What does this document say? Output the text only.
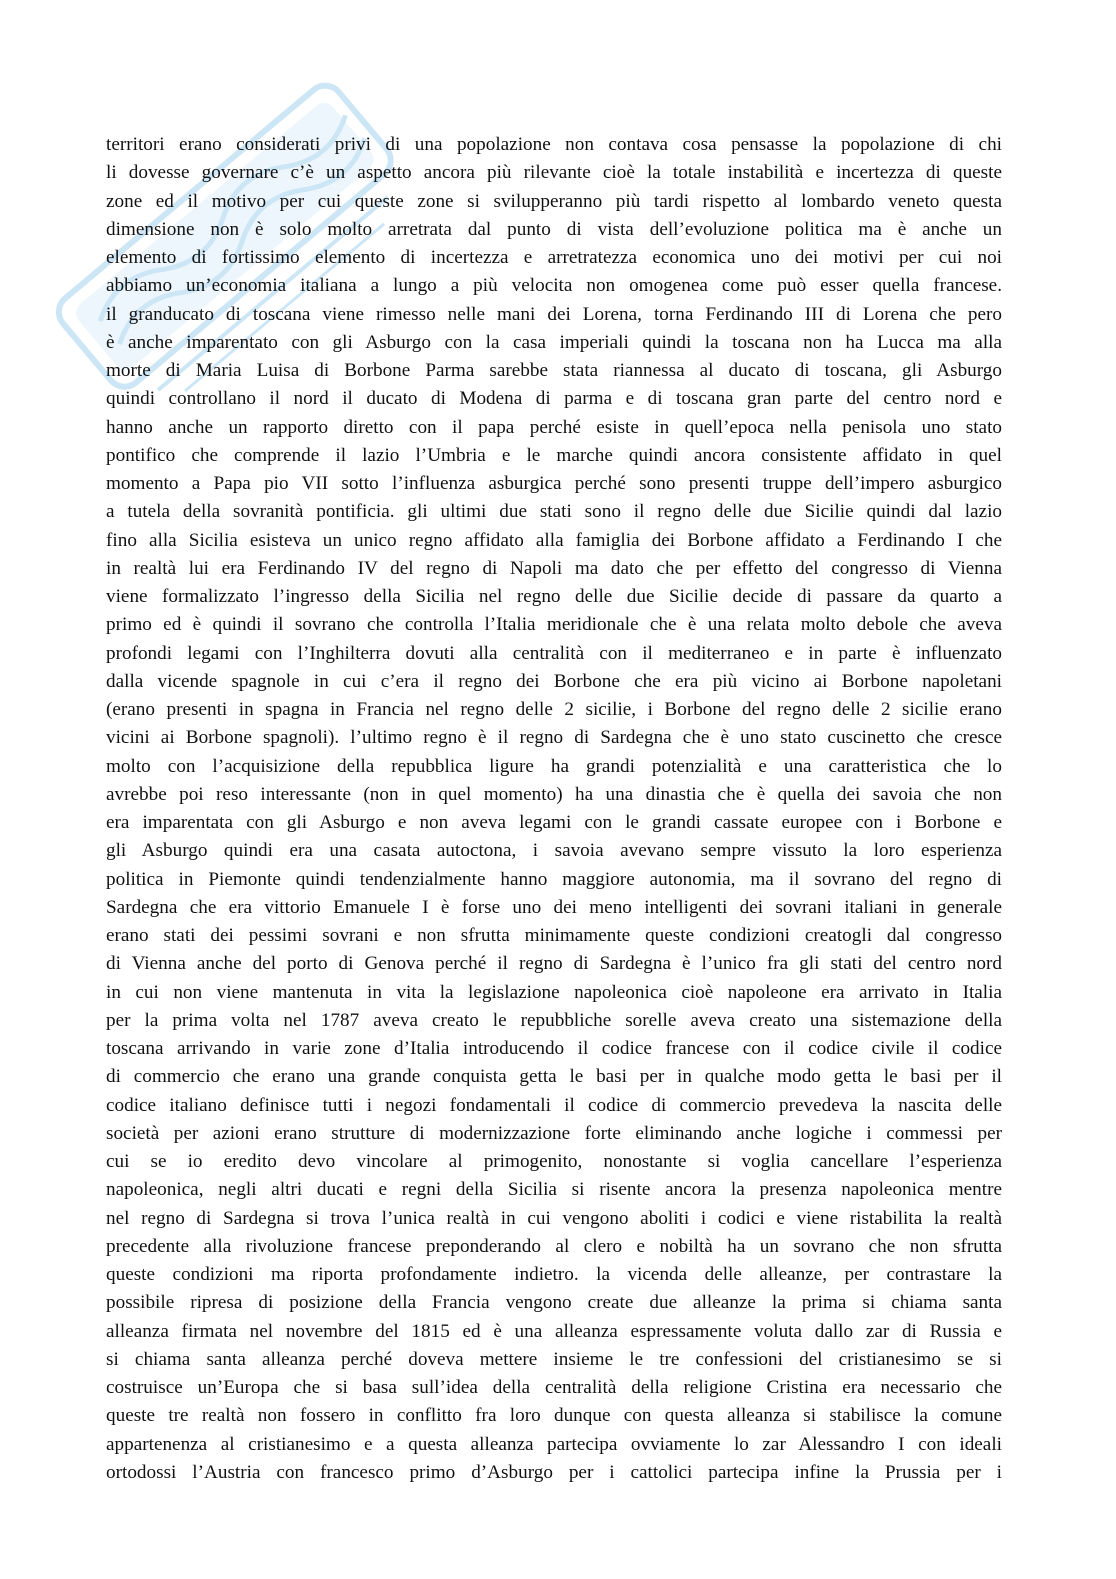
territori erano considerati privi di una popolazione non contava cosa pensasse la popolazione di chi
li dovesse governare c’è un aspetto ancora più rilevante cioè la totale instabilità e incertezza di queste
zone ed il motivo per cui queste zone si svilupperanno più tardi rispetto al lombardo veneto questa
dimensione non è solo molto arretrata dal punto di vista dell’evoluzione politica ma è anche un
elemento di fortissimo elemento di incertezza e arretratezza economica uno dei motivi per cui noi
abbiamo un’economia italiana a lungo a più velocita non omogenea come può esser quella francese.
il granducato di toscana viene rimesso nelle mani dei Lorena, torna Ferdinando III di Lorena che pero
è anche imparentato con gli Asburgo con la casa imperiali quindi la toscana non ha Lucca ma alla
morte di Maria Luisa di Borbone Parma sarebbe stata riannessa al ducato di toscana, gli Asburgo
quindi controllano il nord il ducato di Modena di parma e di toscana gran parte del centro nord e
hanno anche un rapporto diretto con il papa perché esiste in quell’epoca nella penisola uno stato
pontifico che comprende il lazio l’Umbria e le marche quindi ancora consistente affidato in quel
momento a Papa pio VII sotto l’influenza asburgica perché sono presenti truppe dell’impero asburgico
a tutela della sovranità pontificia. gli ultimi due stati sono il regno delle due Sicilie quindi dal lazio
fino alla Sicilia esisteva un unico regno affidato alla famiglia dei Borbone affidato a Ferdinando I che
in realtà lui era Ferdinando IV del regno di Napoli ma dato che per effetto del congresso di Vienna
viene formalizzato l’ingresso della Sicilia nel regno delle due Sicilie decide di passare da quarto a
primo ed è quindi il sovrano che controlla l’Italia meridionale che è una relata molto debole che aveva
profondi legami con l’Inghilterra dovuti alla centralità con il mediterraneo e in parte è influenzato
dalla vicende spagnole in cui c’era il regno dei Borbone che era più vicino ai Borbone napoletani
(erano presenti in spagna in Francia nel regno delle 2 sicilie, i Borbone del regno delle 2 sicilie erano
vicini ai Borbone spagnoli). l’ultimo regno è il regno di Sardegna che è uno stato cuscinetto che cresce
molto con l’acquisizione della repubblica ligure ha grandi potenzialità e una caratteristica che lo
avrebbe poi reso interessante (non in quel momento) ha una dinastia che è quella dei savoia che non
era imparentata con gli Asburgo e non aveva legami con le grandi cassate europee con i Borbone e
gli Asburgo quindi era una casata autoctona, i savoia avevano sempre vissuto la loro esperienza
politica in Piemonte quindi tendenzialmente hanno maggiore autonomia, ma il sovrano del regno di
Sardegna che era vittorio Emanuele I è forse uno dei meno intelligenti dei sovrani italiani in generale
erano stati dei pessimi sovrani e non sfrutta minimamente queste condizioni creatogli dal congresso
di Vienna anche del porto di Genova perché il regno di Sardegna è l’unico fra gli stati del centro nord
in cui non viene mantenuta in vita la legislazione napoleonica cioè napoleone era arrivato in Italia
per la prima volta nel 1787 aveva creato le repubbliche sorelle aveva creato una sistemazione della
toscana arrivando in varie zone d’Italia introducendo il codice francese con il codice civile il codice
di commercio che erano una grande conquista getta le basi per in qualche modo getta le basi per il
codice italiano definisce tutti i negozi fondamentali il codice di commercio prevedeva la nascita delle
società per azioni erano strutture di modernizzazione forte eliminando anche logiche i commessi per
cui se io eredito devo vincolare al primogenito, nonostante si voglia cancellare l’esperienza
napoleonica, negli altri ducati e regni della Sicilia si risente ancora la presenza napoleonica mentre
nel regno di Sardegna si trova l’unica realtà in cui vengono aboliti i codici e viene ristabilita la realtà
precedente alla rivoluzione francese preponderando al clero e nobiltà ha un sovrano che non sfrutta
queste condizioni ma riporta profondamente indietro. la vicenda delle alleanze, per contrastare la
possibile ripresa di posizione della Francia vengono create due alleanze la prima si chiama santa
alleanza firmata nel novembre del 1815 ed è una alleanza espressamente voluta dallo zar di Russia e
si chiama santa alleanza perché doveva mettere insieme le tre confessioni del cristianesimo se si
costruisce un’Europa che si basa sull’idea della centralità della religione Cristina era necessario che
queste tre realtà non fossero in conflitto fra loro dunque con questa alleanza si stabilisce la comune
appartenenza al cristianesimo e a questa alleanza partecipa ovviamente lo zar Alessandro I con ideali
ortodossi l’Austria con francesco primo d’Asburgo per i cattolici partecipa infine la Prussia per i
